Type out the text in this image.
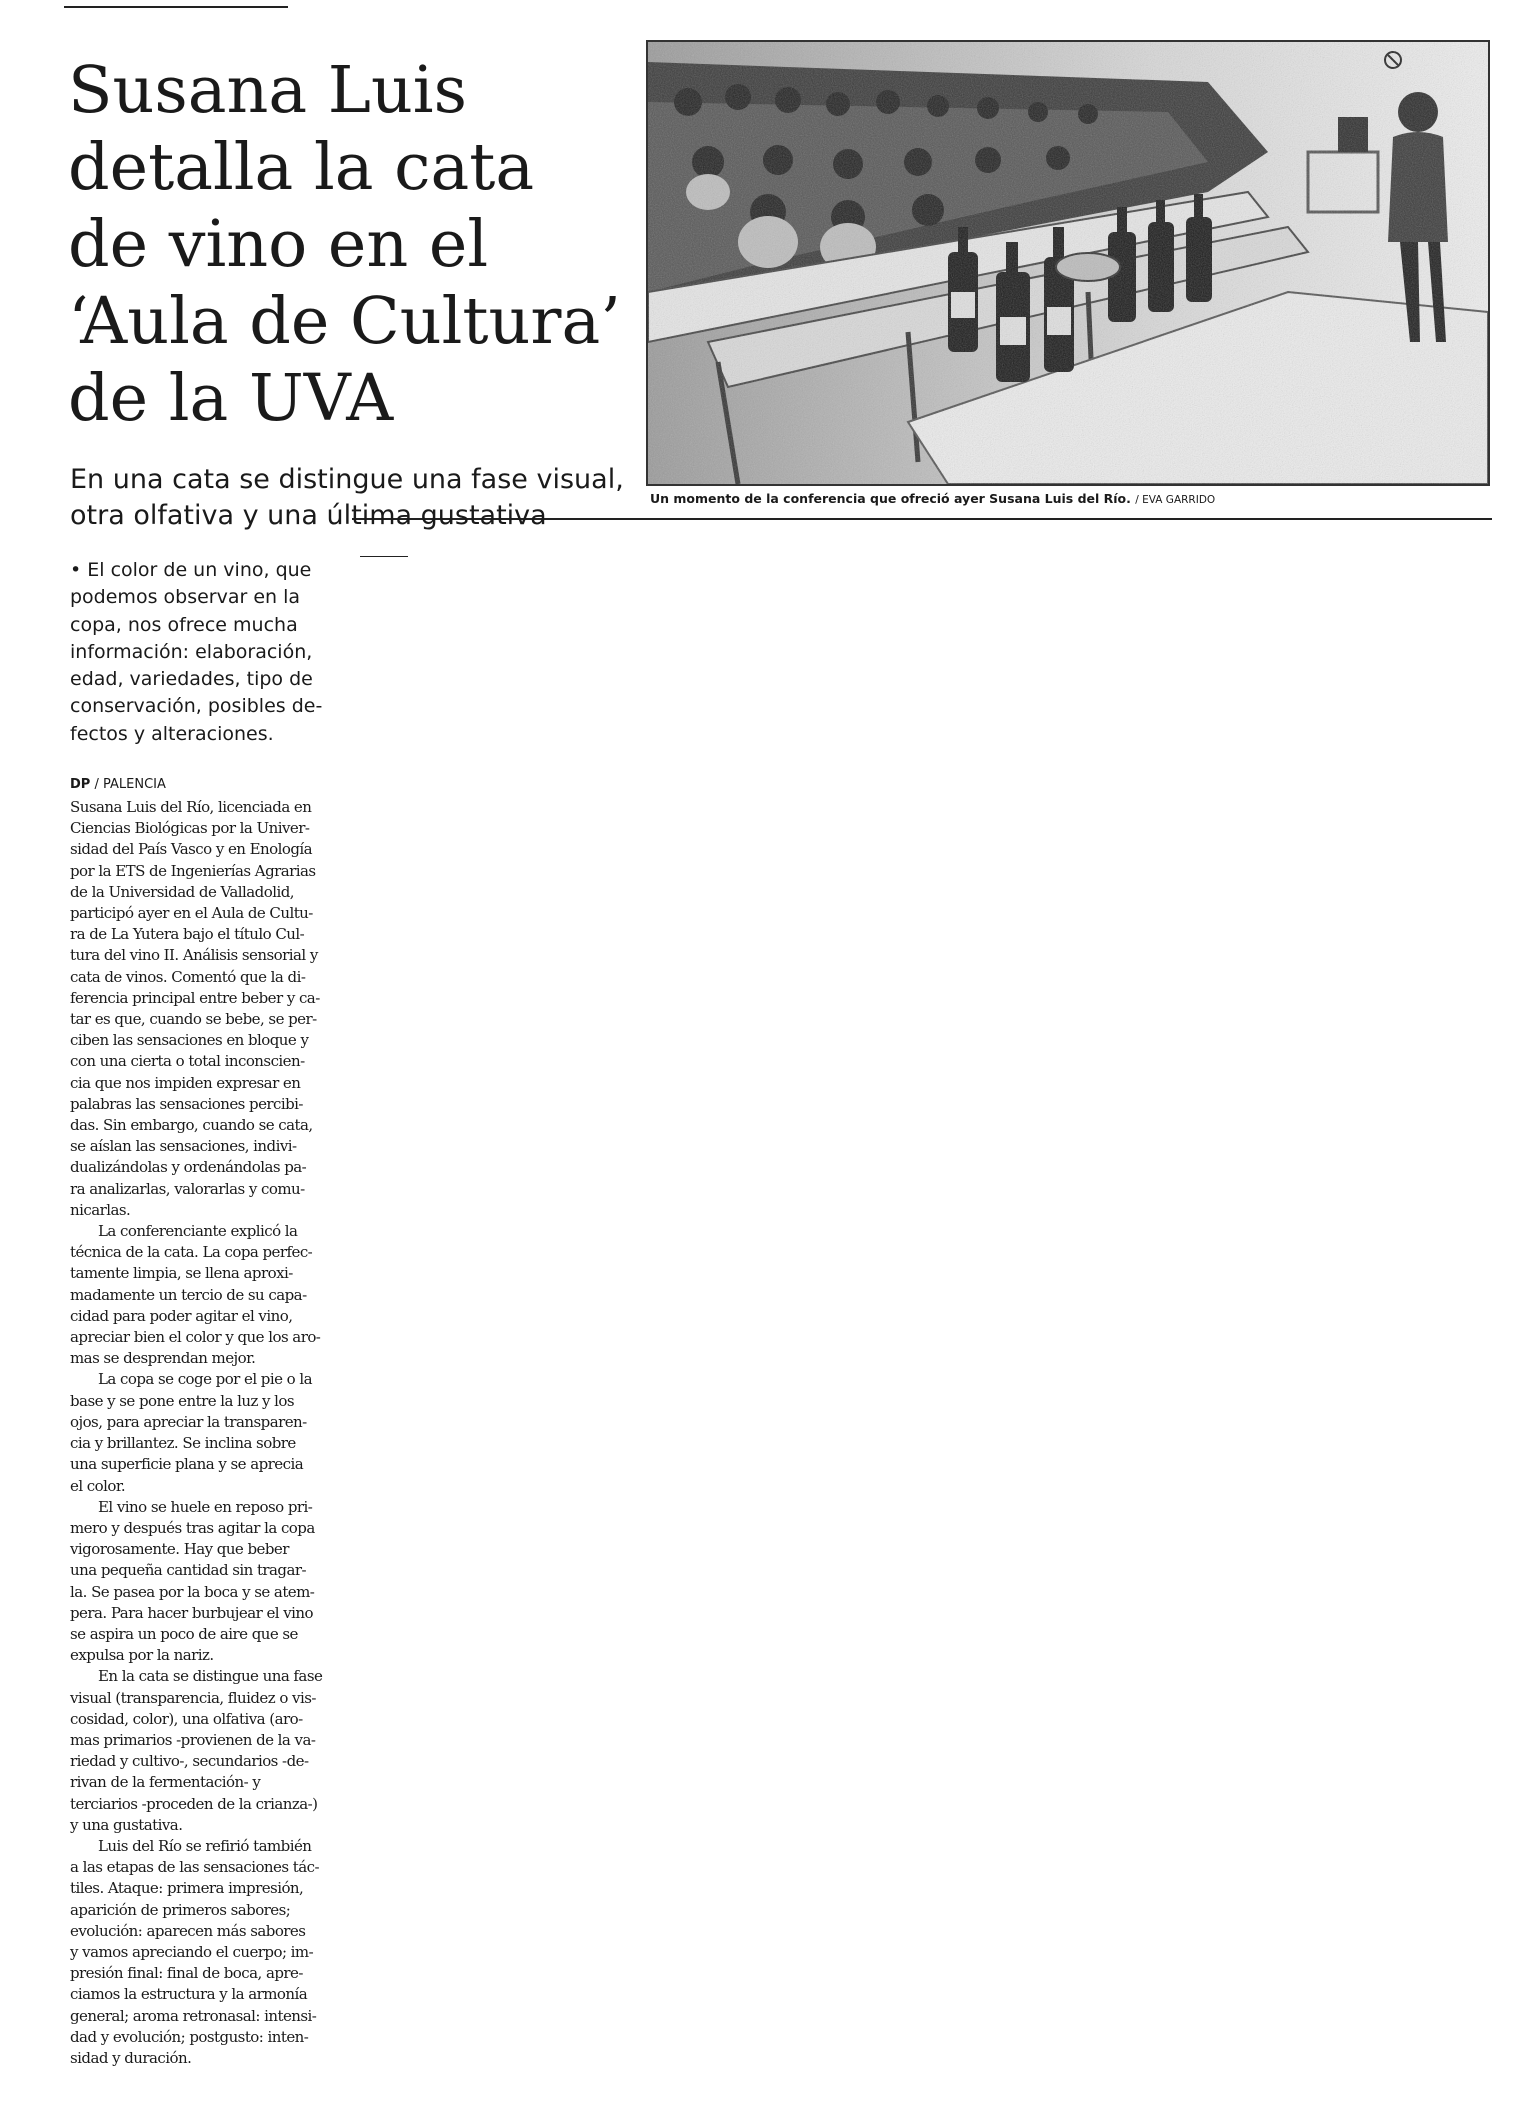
Susana Luis
detalla la cata
de vino en el
‘Aula de Cultura’
de la UVA
En una cata se distingue una fase visual,
otra olfativa y una última gustativa
Un momento de la conferencia que ofreció ayer Susana Luis del Río. / EVA GARRIDO
• El color de un vino, que
podemos observar en la
copa, nos ofrece mucha
información: elaboración,
edad, variedades, tipo de
conservación, posibles de-
fectos y alteraciones.
DP / PALENCIA
Susana Luis del Río, licenciada en
Ciencias Biológicas por la Univer-
sidad del País Vasco y en Enología
por la ETS de Ingenierías Agrarias
de la Universidad de Valladolid,
participó ayer en el Aula de Cultu-
ra de La Yutera bajo el título Cul-
tura del vino II. Análisis sensorial y
cata de vinos. Comentó que la di-
ferencia principal entre beber y ca-
tar es que, cuando se bebe, se per-
ciben las sensaciones en bloque y
con una cierta o total inconscien-
cia que nos impiden expresar en
palabras las sensaciones percibi-
das. Sin embargo, cuando se cata,
se aíslan las sensaciones, indivi-
dualizándolas y ordenándolas pa-
ra analizarlas, valorarlas y comu-
nicarlas.
La conferenciante explicó la
técnica de la cata. La copa perfec-
tamente limpia, se llena aproxi-
madamente un tercio de su capa-
cidad para poder agitar el vino,
apreciar bien el color y que los aro-
mas se desprendan mejor.
La copa se coge por el pie o la
base y se pone entre la luz y los
ojos, para apreciar la transparen-
cia y brillantez. Se inclina sobre
una superficie plana y se aprecia
el color.
El vino se huele en reposo pri-
mero y después tras agitar la copa
vigorosamente. Hay que beber
una pequeña cantidad sin tragar-
la. Se pasea por la boca y se atem-
pera. Para hacer burbujear el vino
se aspira un poco de aire que se
expulsa por la nariz.
En la cata se distingue una fase
visual (transparencia, fluidez o vis-
cosidad, color), una olfativa (aro-
mas primarios -provienen de la va-
riedad y cultivo-, secundarios -de-
rivan de la fermentación- y
terciarios -proceden de la crianza-)
y una gustativa.
Luis del Río se refirió también
a las etapas de las sensaciones tác-
tiles. Ataque: primera impresión,
aparición de primeros sabores;
evolución: aparecen más sabores
y vamos apreciando el cuerpo; im-
presión final: final de boca, apre-
ciamos la estructura y la armonía
general; aroma retronasal: intensi-
dad y evolución; postgusto: inten-
sidad y duración.
